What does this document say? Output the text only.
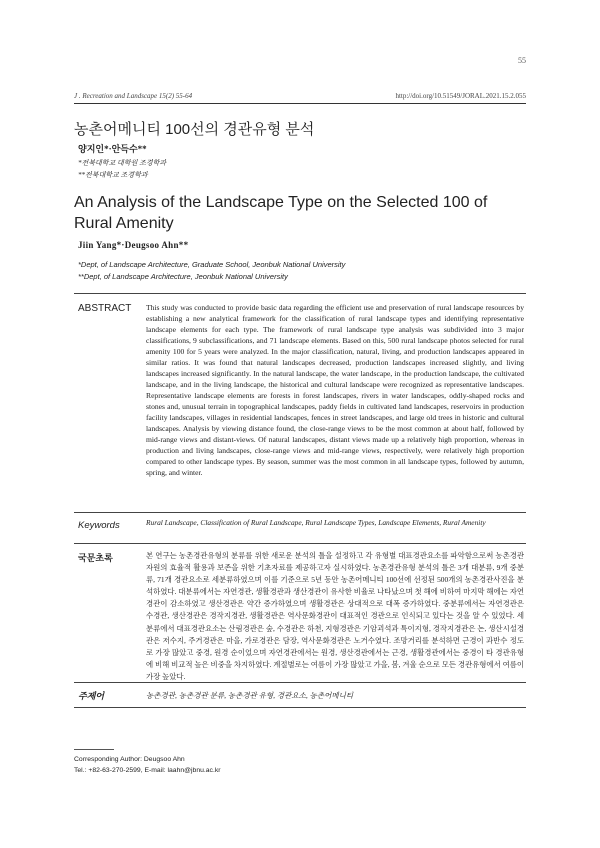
55
J . Recreation and Landscape 15(2) 55-64	http://doi.org/10.51549/JORAL.2021.15.2.055
농촌어메니티 100선의 경관유형 분석
양지인*·안득수**
*전북대학교 대학원 조경학과
**전북대학교 조경학과
An Analysis of the Landscape Type on the Selected 100 of Rural Amenity
Jiin Yang*·Deugsoo Ahn**
*Dept, of Landscape Architecture, Graduate School, Jeonbuk National University
**Dept, of Landscape Architecture, Jeonbuk National University
ABSTRACT This study was conducted to provide basic data regarding the efficient use and preservation of rural landscape resources by establishing a new analytical framework for the classification of rural landscape types and identifying representative landscape elements for each type. The framework of rural landscape type analysis was subdivided into 3 major classifications, 9 subclassifications, and 71 landscape elements. Based on this, 500 rural landscape photos selected for rural amenity 100 for 5 years were analyzed. In the major classification, natural, living, and production landscapes appeared in similar ratios. It was found that natural landscapes decreased, production landscapes increased slightly, and living landscapes increased significantly. In the natural landscape, the water landscape, in the production landscape, the cultivated landscape, and in the living landscape, the historical and cultural landscape were recognized as representative landscapes. Representative landscape elements are forests in forest landscapes, rivers in water landscapes, oddly-shaped rocks and stones and, unusual terrain in topographical landscapes, paddy fields in cultivated land landscapes, reservoirs in production facility landscapes, villages in residential landscapes, fences in street landscapes, and large old trees in historic and cultural landscapes. Analysis by viewing distance found, the close-range views to be the most common at about half, followed by mid-range views and distant-views. Of natural landscapes, distant views made up a relatively high proportion, whereas in production and living landscapes, close-range views and mid-range views, respectively, were relatively high proportion compared to other landscape types. By season, summer was the most common in all landscape types, followed by autumn, spring, and winter.
Keywords	Rural Landscape, Classification of Rural Landscape, Rural Landscape Types, Landscape Elements, Rural Amenity
국문초록	본 연구는 농촌경관유형의 분류를 위한 새로운 분석의 틀을 설정하고 각 유형별 대표경관요소를 파악함으로써 농촌경관자원의 효율적 활용과 보존을 위한 기초자료를 제공하고자 실시하였다. 농촌경관유형 분석의 틀은 3개 대분류, 9개 중분류, 71개 경관요소로 세분류하였으며 이를 기준으로 5년 동안 농촌어메니티 100선에 선정된 500개의 농촌경관사진을 분석하였다. 대분류에서는 자연경관, 생활경관과 생산경관이 유사한 비율로 나타났으며 첫 해에 비하여 마지막 해에는 자연경관이 감소하였고 생산경관은 약간 증가하였으며 생활경관은 상대적으로 대폭 증가하였다. 중분류에서는 자연경관은 수경관, 생산경관은 경작지경관, 생활경관은 역사문화경관이 대표적인 경관으로 인식되고 있다는 것을 알 수 있었다. 세분류에서 대표경관요소는 산림경관은 숲, 수경관은 하천, 지형경관은 기암괴석과 특이지형, 경작지경관은 논, 생산시설경관은 저수지, 주거경관은 마을, 가로경관은 담장, 역사문화경관은 노거수였다. 조망거리를 분석하면 근경이 과반수 정도로 가장 많았고 중경, 원경 순이었으며 자연경관에서는 원경, 생산경관에서는 근경, 생활경관에서는 중경이 타 경관유형에 비해 비교적 높은 비중을 차지하였다. 계절별로는 여름이 가장 많았고 가을, 봄, 겨울 순으로 모든 경관유형에서 여름이 가장 높았다.
주제어	농촌경관, 농촌경관 분류, 농촌경관 유형, 경관요소, 농촌어메니티
Corresponding Author: Deugsoo Ahn
Tel.: +82-63-270-2599, E-mail: laahn@jbnu.ac.kr
